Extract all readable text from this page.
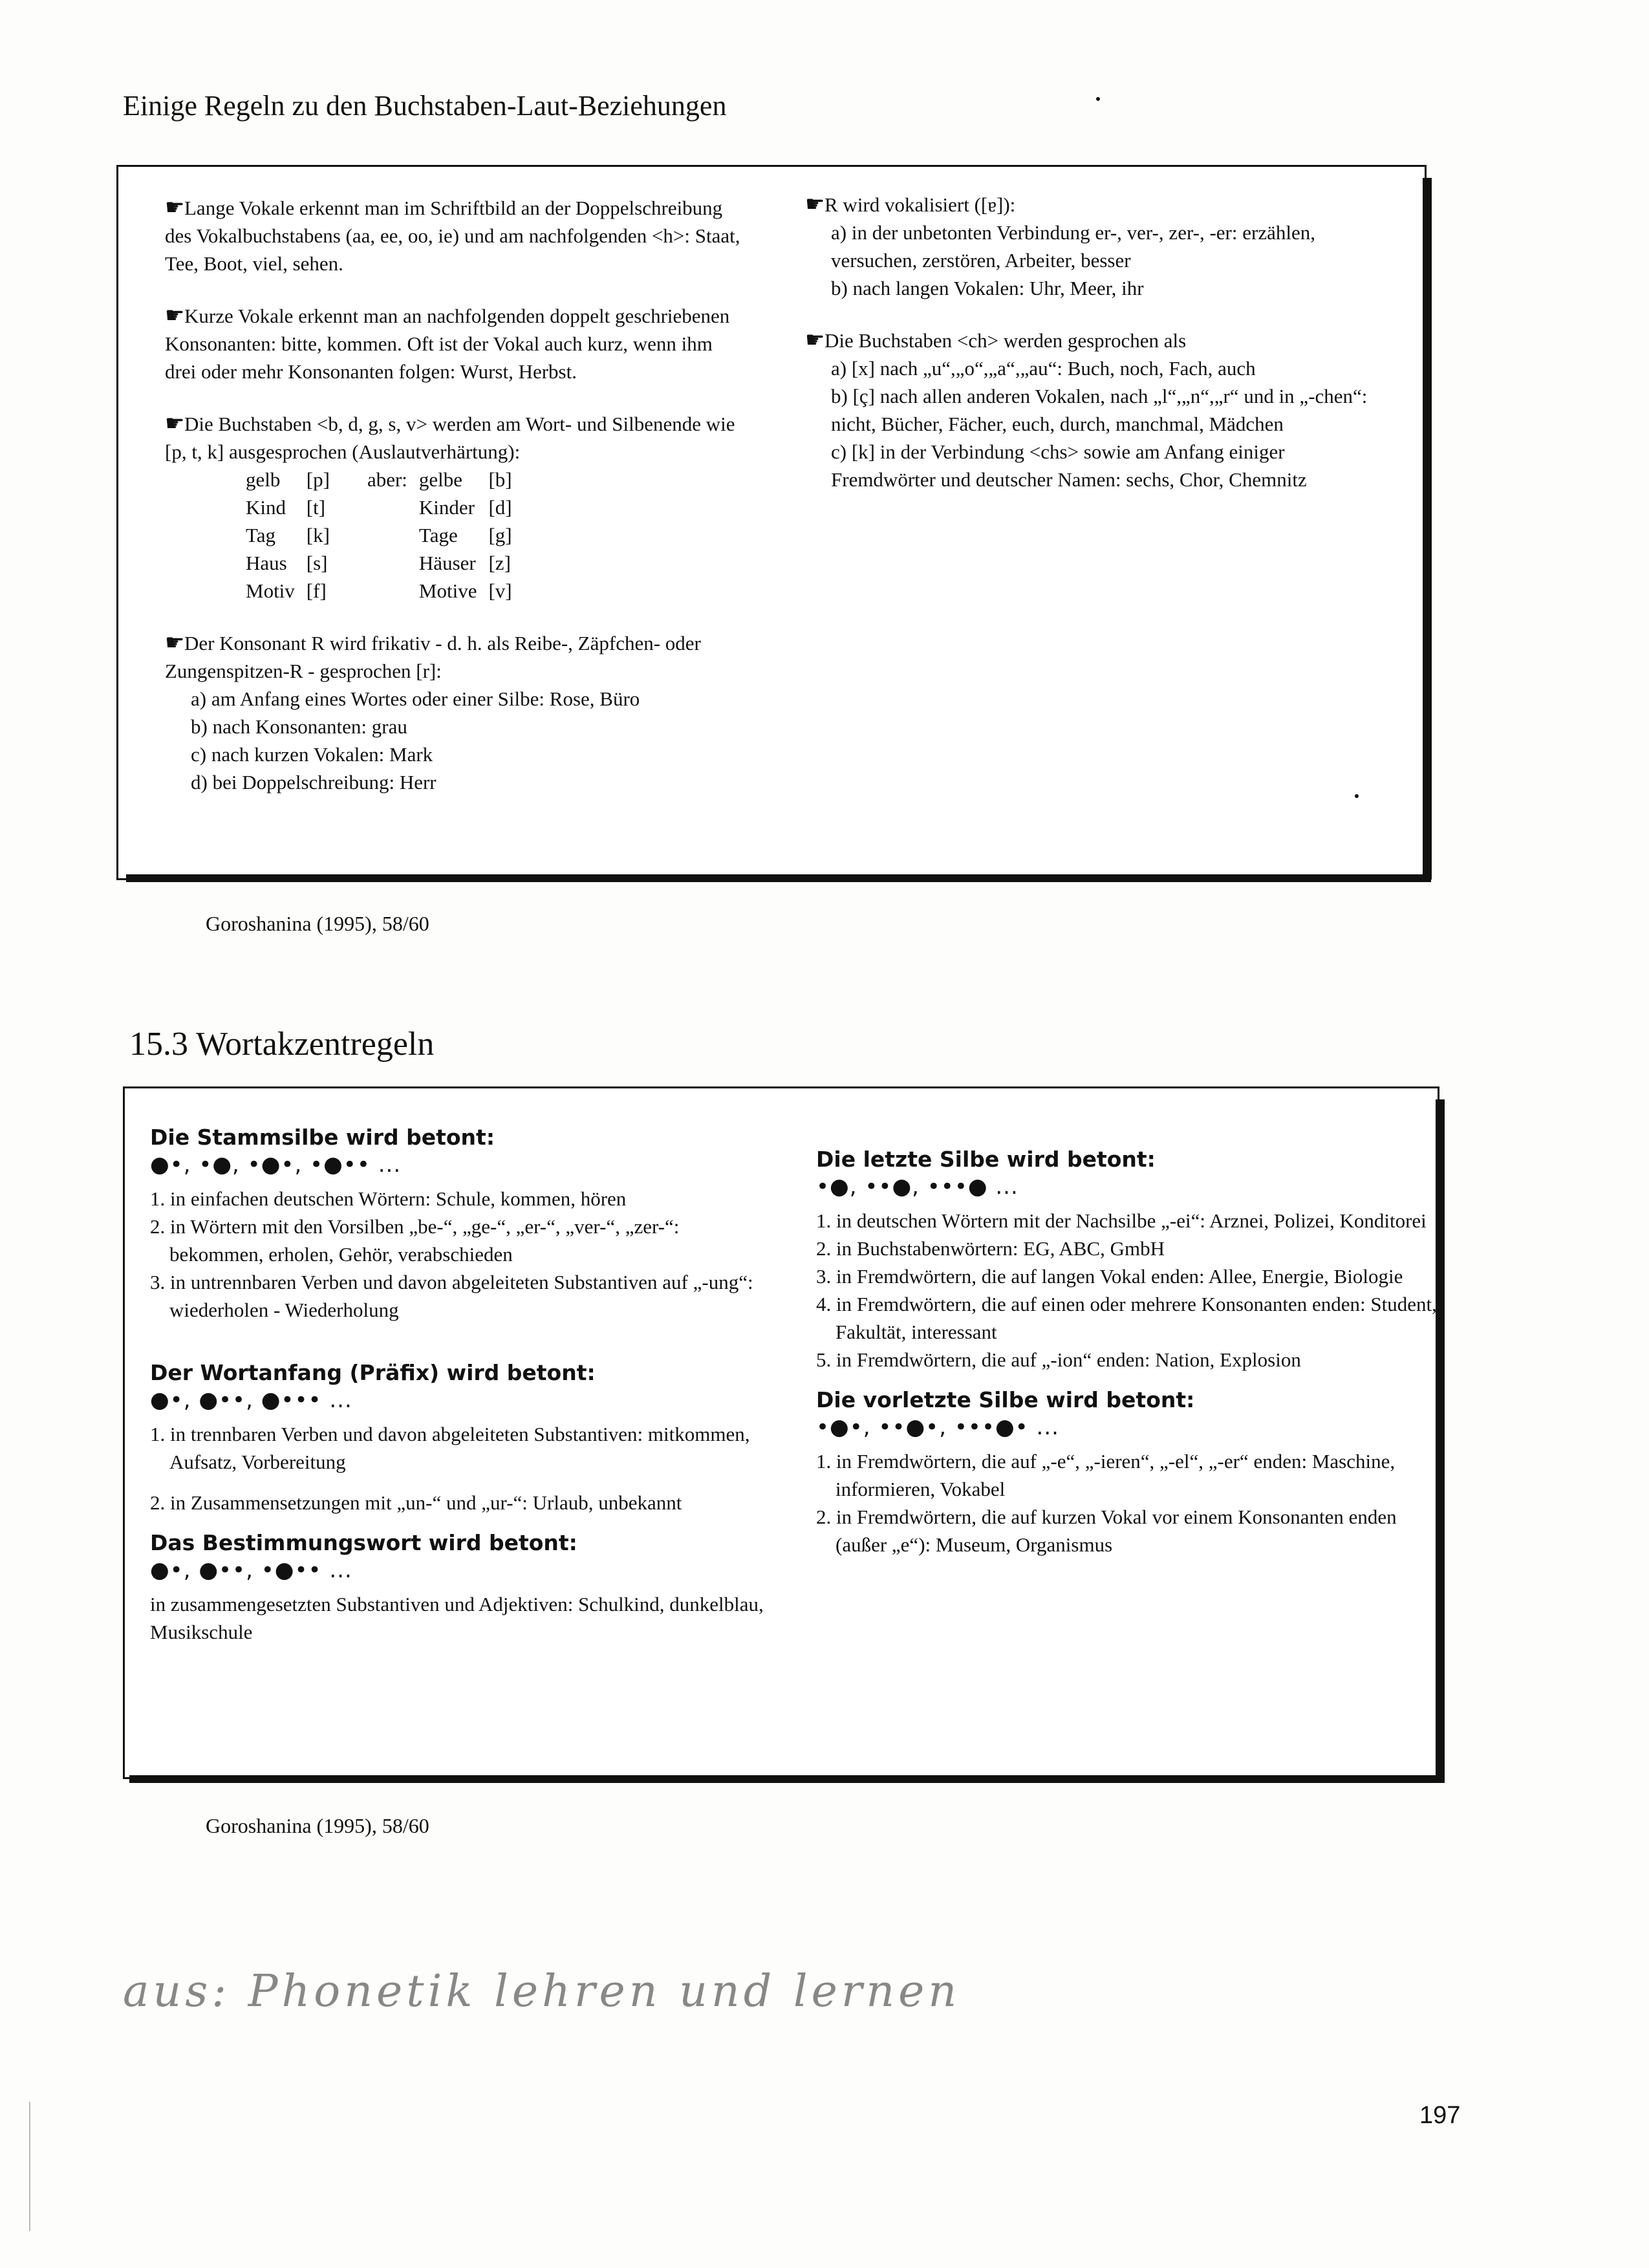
Einige Regeln zu den Buchstaben-Laut-Beziehungen
☛Lange Vokale erkennt man im Schriftbild an der Doppelschreibung des Vokalbuchstabens (aa, ee, oo, ie) und am nachfolgenden <h>: Staat, Tee, Boot, viel, sehen.
☛Kurze Vokale erkennt man an nachfolgenden doppelt geschriebenen Konsonanten: bitte, kommen. Oft ist der Vokal auch kurz, wenn ihm drei oder mehr Konsonanten folgen: Wurst, Herbst.
☛Die Buchstaben <b, d, g, s, v> werden am Wort- und Silbenende wie [p, t, k] ausgesprochen (Auslautverhärtung):
gelb	[p]	aber:	gelbe	[b]
Kind	[t]		Kinder	[d]
Tag	[k]		Tage	[g]
Haus	[s]		Häuser	[z]
Motiv	[f]		Motive	[v]
☛Der Konsonant R wird frikativ - d. h. als Reibe-, Zäpfchen- oder Zungenspitzen-R - gesprochen [r]:
a) am Anfang eines Wortes oder einer Silbe: Rose, Büro
b) nach Konsonanten: grau
c) nach kurzen Vokalen: Mark
d) bei Doppelschreibung: Herr
☛R wird vokalisiert ([ɐ]):
a) in der unbetonten Verbindung er-, ver-, zer-, -er: erzählen, versuchen, zerstören, Arbeiter, besser
b) nach langen Vokalen: Uhr, Meer, ihr
☛Die Buchstaben <ch> werden gesprochen als
a) [x] nach „u“,„o“,„a“,„au“: Buch, noch, Fach, auch
b) [ç] nach allen anderen Vokalen, nach „l“,„n“,„r“ und in „-chen“: nicht, Bücher, Fächer, euch, durch, manchmal, Mädchen
c) [k] in der Verbindung <chs> sowie am Anfang einiger Fremdwörter und deutscher Namen: sechs, Chor, Chemnitz
Goroshanina (1995), 58/60
15.3 Wortakzentregeln
Die Stammsilbe wird betont:
●•, •●, •●•, •●•• ...
1. in einfachen deutschen Wörtern: Schule, kommen, hören
2. in Wörtern mit den Vorsilben „be-“, „ge-“, „er-“, „ver-“, „zer-“: bekommen, erholen, Gehör, verabschieden
3. in untrennbaren Verben und davon abgeleiteten Substantiven auf „-ung“: wiederholen - Wiederholung
Der Wortanfang (Präfix) wird betont:
●•, ●••, ●••• ...
1. in trennbaren Verben und davon abgeleiteten Substantiven: mitkommen, Aufsatz, Vorbereitung
2. in Zusammensetzungen mit „un-“ und „ur-“: Urlaub, unbekannt
Das Bestimmungswort wird betont:
●•, ●••, •●•• ...
in zusammengesetzten Substantiven und Adjektiven: Schulkind, dunkelblau, Musikschule
Die letzte Silbe wird betont:
•●, ••●, •••● ...
1. in deutschen Wörtern mit der Nachsilbe „-ei“: Arznei, Polizei, Konditorei
2. in Buchstabenwörtern: EG, ABC, GmbH
3. in Fremdwörtern, die auf langen Vokal enden: Allee, Energie, Biologie
4. in Fremdwörtern, die auf einen oder mehrere Konsonanten enden: Student, Fakultät, interessant
5. in Fremdwörtern, die auf „-ion“ enden: Nation, Explosion
Die vorletzte Silbe wird betont:
•●•, ••●•, •••●• ...
1. in Fremdwörtern, die auf „-e“, „-ieren“, „-el“, „-er“ enden: Maschine, informieren, Vokabel
2. in Fremdwörtern, die auf kurzen Vokal vor einem Konsonanten enden (außer „e“): Museum, Organismus
Goroshanina (1995), 58/60
aus: Phonetik lehren und lernen
197
